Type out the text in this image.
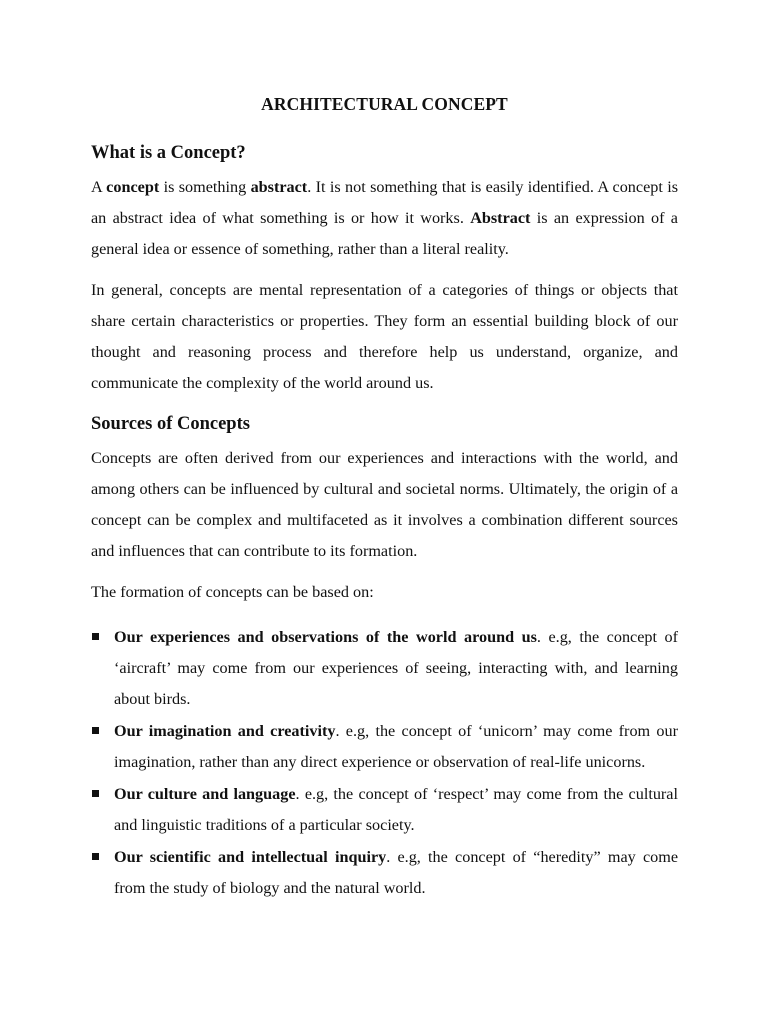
ARCHITECTURAL CONCEPT
What is a Concept?

A concept is something abstract. It is not something that is easily identified. A concept is an abstract idea of what something is or how it works. Abstract is an expression of a general idea or essence of something, rather than a literal reality.

In general, concepts are mental representation of a categories of things or objects that share certain characteristics or properties. They form an essential building block of our thought and reasoning process and therefore help us understand, organize, and communicate the complexity of the world around us.

Sources of Concepts

Concepts are often derived from our experiences and interactions with the world, and among others can be influenced by cultural and societal norms. Ultimately, the origin of a concept can be complex and multifaceted as it involves a combination different sources and influences that can contribute to its formation.

The formation of concepts can be based on:

Our experiences and observations of the world around us. e.g, the concept of ‘aircraft’ may come from our experiences of seeing, interacting with, and learning about birds.
Our imagination and creativity. e.g, the concept of ‘unicorn’ may come from our imagination, rather than any direct experience or observation of real-life unicorns.
Our culture and language. e.g, the concept of ‘respect’ may come from the cultural and linguistic traditions of a particular society.
Our scientific and intellectual inquiry. e.g, the concept of “heredity” may come from the study of biology and the natural world.
